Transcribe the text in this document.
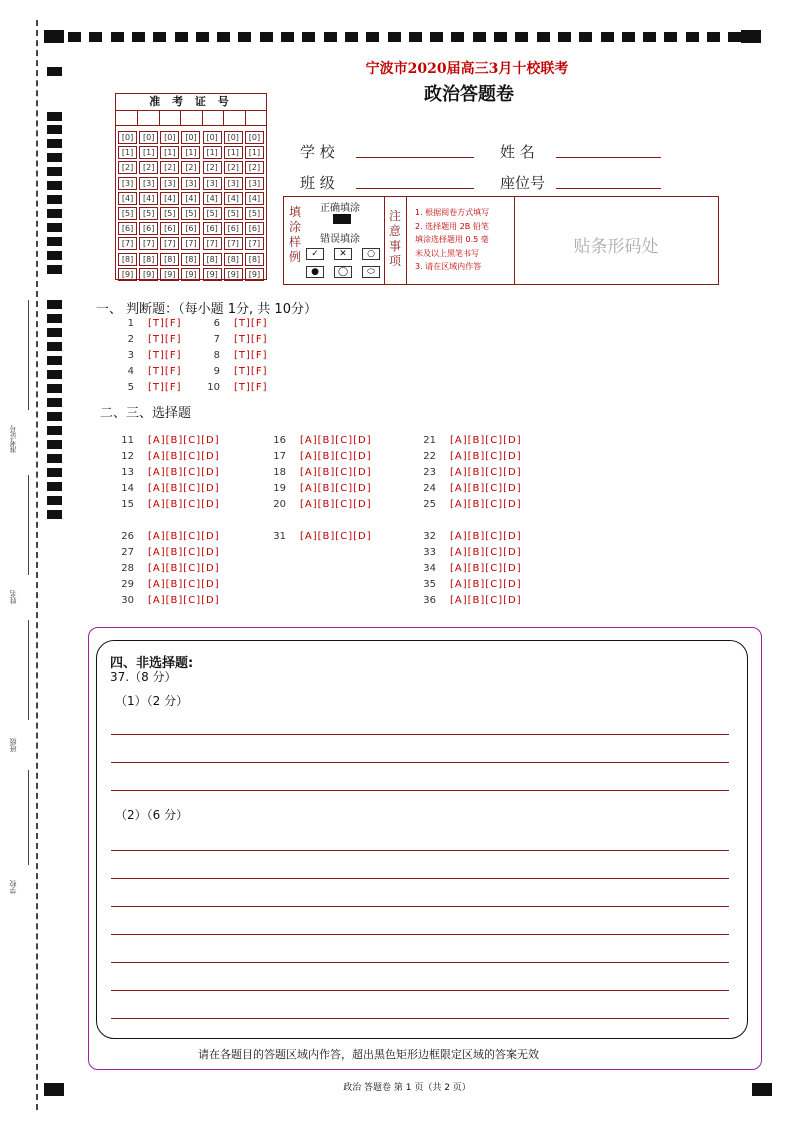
准考证号
姓名
班级
学校
宁波市2020届高三3月十校联考
政治答题卷
准 考 证 号
[0]	[0]	[0]	[0]	[0]	[0]	[0]
[1]	[1]	[1]	[1]	[1]	[1]	[1]
[2]	[2]	[2]	[2]	[2]	[2]	[2]
[3]	[3]	[3]	[3]	[3]	[3]	[3]
[4]	[4]	[4]	[4]	[4]	[4]	[4]
[5]	[5]	[5]	[5]	[5]	[5]	[5]
[6]	[6]	[6]	[6]	[6]	[6]	[6]
[7]	[7]	[7]	[7]	[7]	[7]	[7]
[8]	[8]	[8]	[8]	[8]	[8]	[8]
[9]	[9]	[9]	[9]	[9]	[9]	[9]
学 校	姓 名
班 级	座位号
填
涂
样
例
正确填涂
错误填涂
✓	✕	○
●	◯	⬭
注
意
事
项
1. 根据阅卷方式填写
2. 选择题用 2B 铅笔
填涂选择题用 0.5 毫
米及以上黑笔书写
3. 请在区域内作答
贴条形码处
一、 判断题：（每小题 1分, 共 10分）
1 [T][F]
2 [T][F]
3 [T][F]
4 [T][F]
5 [T][F]
6 [T][F]
7 [T][F]
8 [T][F]
9 [T][F]
10 [T][F]
二、三、选择题
11 [A][B][C][D]
12 [A][B][C][D]
13 [A][B][C][D]
14 [A][B][C][D]
15 [A][B][C][D]
16 [A][B][C][D]
17 [A][B][C][D]
18 [A][B][C][D]
19 [A][B][C][D]
20 [A][B][C][D]
21 [A][B][C][D]
22 [A][B][C][D]
23 [A][B][C][D]
24 [A][B][C][D]
25 [A][B][C][D]
26 [A][B][C][D]
27 [A][B][C][D]
28 [A][B][C][D]
29 [A][B][C][D]
30 [A][B][C][D]
31 [A][B][C][D]	32 [A][B][C][D]
33 [A][B][C][D]
34 [A][B][C][D]
35 [A][B][C][D]
36 [A][B][C][D]
四、非选择题:
37.（8 分）
（1）（2 分）
（2）（6 分）
请在各题目的答题区域内作答，超出黑色矩形边框限定区域的答案无效
政治 答题卷 第 1 页（共 2 页）
